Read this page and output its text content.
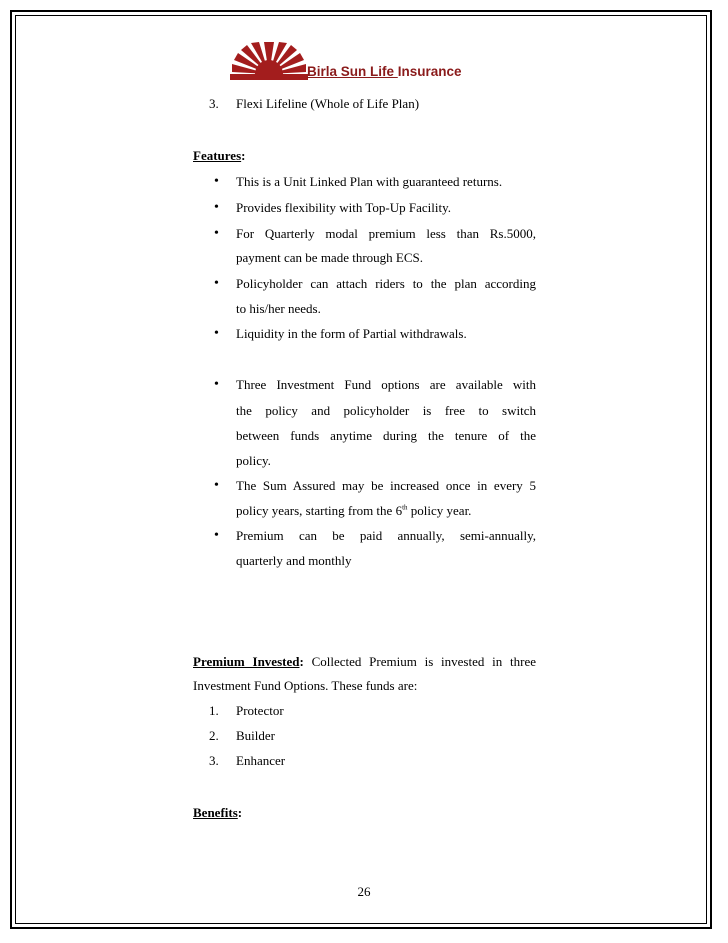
Birla Sun Life Insurance
3. Flexi Lifeline (Whole of Life Plan)
Features:
• This is a Unit Linked Plan with guaranteed returns.
• Provides flexibility with Top-Up Facility.
• For Quarterly modal premium less than Rs.5000,
payment can be made through ECS.
• Policyholder can attach riders to the plan according
to his/her needs.
• Liquidity in the form of Partial withdrawals.
• Three Investment Fund options are available with
the policy and policyholder is free to switch
between funds anytime during the tenure of the
policy.
• The Sum Assured may be increased once in every 5
policy years, starting from the 6th policy year.
• Premium can be paid annually, semi-annually,
quarterly and monthly
Premium Invested: Collected Premium is invested in three
Investment Fund Options. These funds are:
1. Protector
2. Builder
3. Enhancer
Benefits:
26
